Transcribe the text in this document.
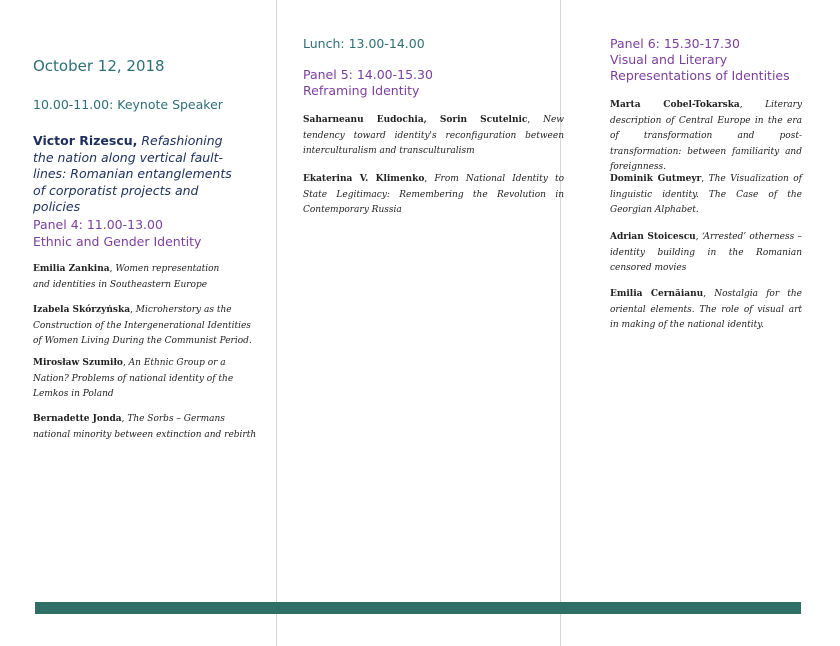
October 12, 2018
10.00-11.00: Keynote Speaker
Victor Rizescu, Refashioning the nation along vertical fault-lines: Romanian entanglements of corporatist projects and policies
Panel 4: 11.00-13.00
Ethnic and Gender Identity
Emilia Zankina, Women representation and identities in Southeastern Europe
Izabela Skórzyńska, Microherstory as the Construction of the Intergenerational Identities of Women Living During the Communist Period.
Mirosław Szumiło, An Ethnic Group or a Nation? Problems of national identity of the Lemkos in Poland
Bernadette Jonda, The Sorbs – Germans national minority between extinction and rebirth
Lunch: 13.00-14.00
Panel 5: 14.00-15.30
Reframing Identity
Saharneanu Eudochia, Sorin Scutelnic, New tendency toward identity's reconfiguration between interculturalism and transculturalism
Ekaterina V. Klimenko, From National Identity to State Legitimacy: Remembering the Revolution in Contemporary Russia
Panel 6: 15.30-17.30
Visual and Literary
Representations of Identities
Marta Cobel-Tokarska, Literary description of Central Europe in the era of transformation and post-transformation: between familiarity and foreignness.
Dominik Gutmeyr, The Visualization of linguistic identity. The Case of the Georgian Alphabet.
Adrian Stoicescu, ‘Arrested’ otherness – identity building in the Romanian censored movies
Emilia Cernăianu, Nostalgia for the oriental elements. The role of visual art in making of the national identity.
